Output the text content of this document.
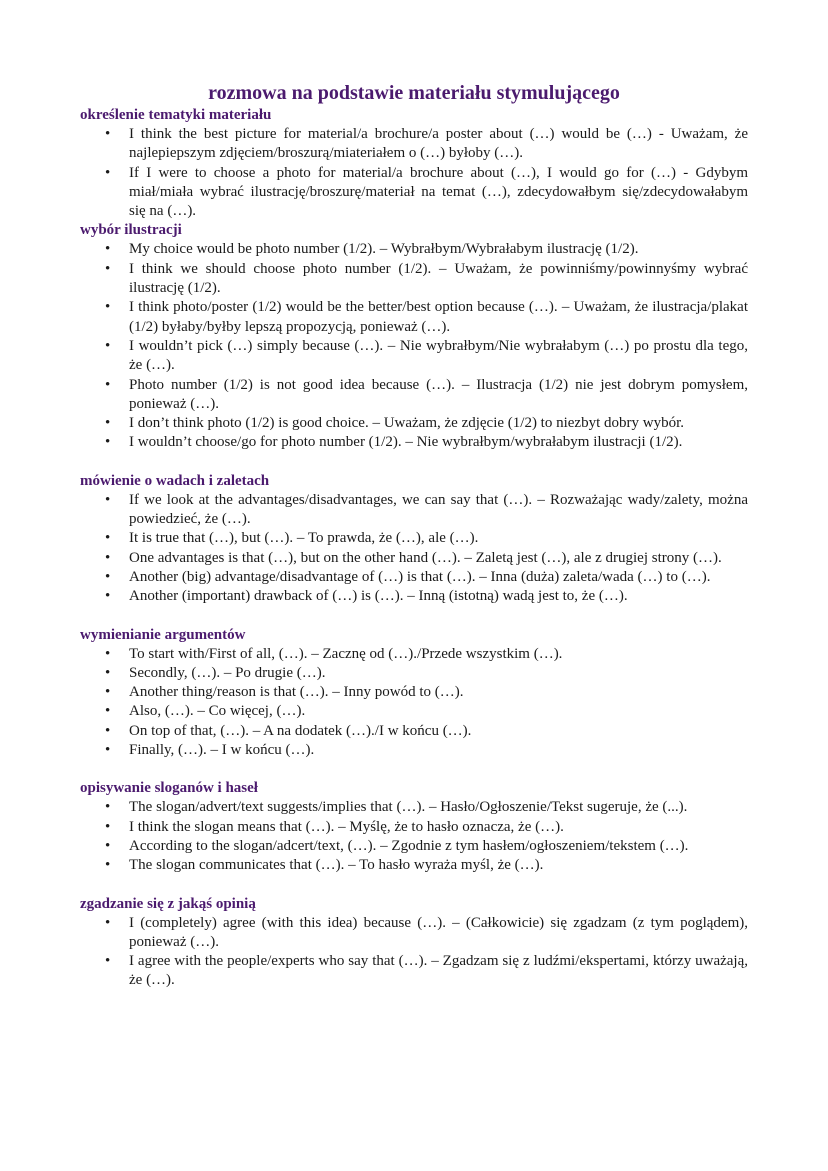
rozmowa na podstawie materiału stymulującego
określenie tematyki materiału
• I think the best picture for material/a brochure/a poster about (…) would be (…) - Uważam, że najlepiepszym zdjęciem/broszurą/miateriałem o (…) byłoby (…).
• If I were to choose a photo for material/a brochure about (…), I would go for (…) - Gdybym miał/miała wybrać ilustrację/broszurę/materiał na temat (…), zdecydowałbym się/zdecydowałabym się na (…).
wybór ilustracji
• My choice would be photo number (1/2). – Wybrałbym/Wybrałabym ilustrację (1/2).
• I think we should choose photo number (1/2). – Uważam, że powinniśmy/powinnyśmy wybrać ilustrację (1/2).
• I think photo/poster (1/2) would be the better/best option because (…). – Uważam, że ilustracja/plakat (1/2) byłaby/byłby lepszą propozycją, ponieważ (…).
• I wouldn’t pick (…) simply because (…). – Nie wybrałbym/Nie wybrałabym (…) po prostu dla tego, że (…).
• Photo number (1/2) is not good idea because (…). – Ilustracja (1/2) nie jest dobrym pomysłem, ponieważ (…).
• I don’t think photo (1/2) is good choice. – Uważam, że zdjęcie (1/2) to niezbyt dobry wybór.
• I wouldn’t choose/go for photo number (1/2). – Nie wybrałbym/wybrałabym ilustracji (1/2).
mówienie o wadach i zaletach
• If we look at the advantages/disadvantages, we can say that (…). – Rozważając wady/zalety, można powiedzieć, że (…).
• It is true that (…), but (…). – To prawda, że (…), ale (…).
• One advantages is that (…), but on the other hand (…). – Zaletą jest (…), ale z drugiej strony (…).
• Another (big) advantage/disadvantage of (…) is that (…). – Inna (duża) zaleta/wada (…) to (…).
• Another (important) drawback of (…) is (…). – Inną (istotną) wadą jest to, że (…).
wymienianie argumentów
• To start with/First of all, (…). – Zacznę od (…)./Przede wszystkim (…).
• Secondly, (…). – Po drugie (…).
• Another thing/reason is that (…). – Inny powód to (…).
• Also, (…). – Co więcej, (…).
• On top of that, (…). – A na dodatek (…)./I w końcu (…).
• Finally, (…). – I w końcu (…).
opisywanie sloganów i haseł
• The slogan/advert/text suggests/implies that (…). – Hasło/Ogłoszenie/Tekst sugeruje, że (...).
• I think the slogan means that (…). – Myślę, że to hasło oznacza, że (…).
• According to the slogan/adcert/text, (…). – Zgodnie z tym hasłem/ogłoszeniem/tekstem (…).
• The slogan communicates that (…). – To hasło wyraża myśl, że (…).
zgadzanie się z jakąś opinią
• I (completely) agree (with this idea) because (…). – (Całkowicie) się zgadzam (z tym poglądem), ponieważ (…).
• I agree with the people/experts who say that (…). – Zgadzam się z ludźmi/ekspertami, którzy uważają, że (…).
